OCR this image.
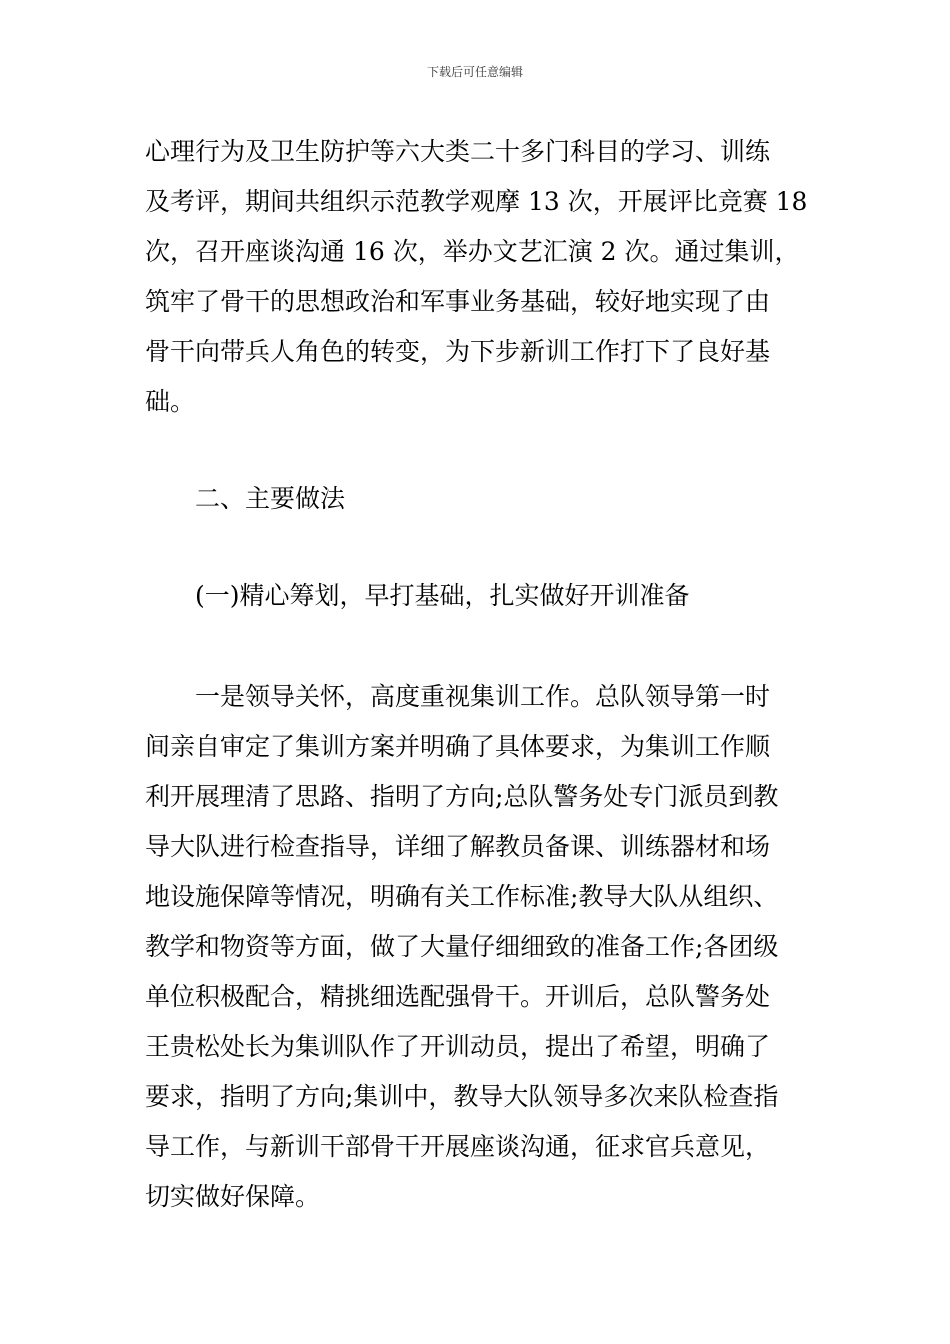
下载后可任意编辑
心理行为及卫生防护等六大类二十多门科目的学习、训练
及考评，期间共组织示范教学观摩 13 次，开展评比竞赛 18
次，召开座谈沟通 16 次，举办文艺汇演 2 次。通过集训，
筑牢了骨干的思想政治和军事业务基础，较好地实现了由
骨干向带兵人角色的转变，为下步新训工作打下了良好基
础。
二、主要做法
(一)精心筹划，早打基础，扎实做好开训准备
一是领导关怀，高度重视集训工作。总队领导第一时
间亲自审定了集训方案并明确了具体要求，为集训工作顺
利开展理清了思路、指明了方向;总队警务处专门派员到教
导大队进行检查指导，详细了解教员备课、训练器材和场
地设施保障等情况，明确有关工作标准;教导大队从组织、
教学和物资等方面，做了大量仔细细致的准备工作;各团级
单位积极配合，精挑细选配强骨干。开训后，总队警务处
王贵松处长为集训队作了开训动员，提出了希望，明确了
要求，指明了方向;集训中，教导大队领导多次来队检查指
导工作，与新训干部骨干开展座谈沟通，征求官兵意见，
切实做好保障。
